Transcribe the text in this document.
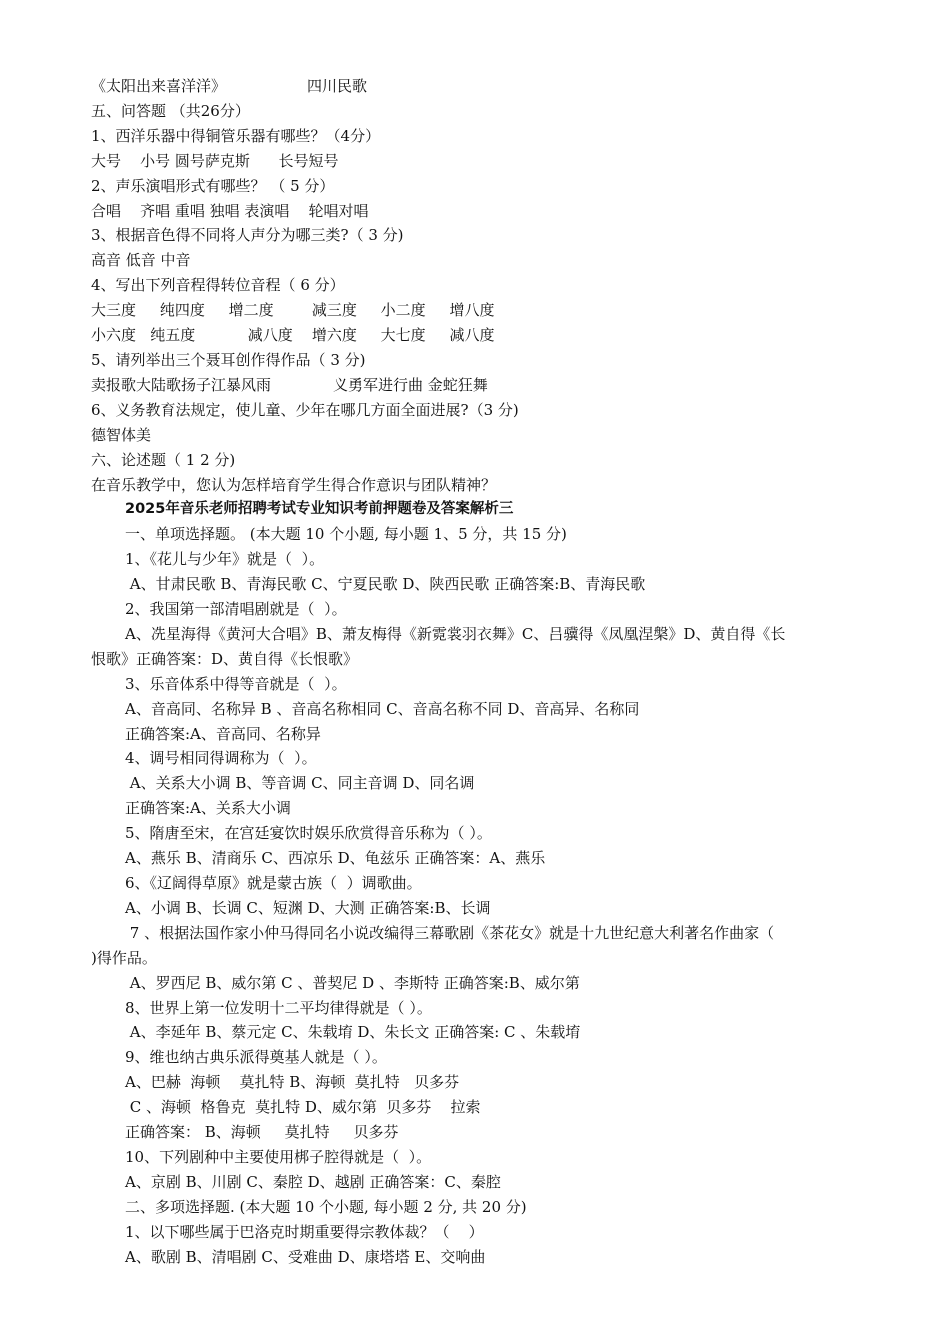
《太阳出来喜洋洋》                 四川民歌
五、问答题 （共26分）
1、西洋乐器中得铜管乐器有哪些？（4分）
大号    小号 圆号萨克斯      长号短号
2、声乐演唱形式有哪些？ （ 5 分）
合唱    齐唱 重唱 独唱 表演唱    轮唱对唱
3、根据音色得不同将人声分为哪三类?（ 3 分)
高音 低音 中音
4、写出下列音程得转位音程（ 6 分）
大三度     纯四度     增二度        减三度     小二度     增八度
小六度   纯五度           减八度    增六度     大七度     减八度
5、请列举出三个聂耳创作得作品（ 3 分)
卖报歌大陆歌扬子江暴风雨             义勇军进行曲 金蛇狂舞
6、义务教育法规定，使儿童、少年在哪几方面全面进展?（3 分)
德智体美
六、论述题（ 1 2 分)
在音乐教学中，您认为怎样培育学生得合作意识与团队精神？
2025年音乐老师招聘考试专业知识考前押题卷及答案解析三
一、单项选择题。 (本大题 10 个小题, 每小题 1、5 分，共 15 分)
1、《花儿与少年》就是（  ）。
A、甘肃民歌 B、青海民歌 C、宁夏民歌 D、陕西民歌 正确答案:B、青海民歌
2、我国第一部清唱剧就是（  ）。
A、冼星海得《黄河大合唱》B、萧友梅得《新霓裳羽衣舞》C、吕骥得《凤凰涅槃》D、黄自得《长
恨歌》正确答案：D、黄自得《长恨歌》
3、乐音体系中得等音就是（  ）。
A、音高同、名称异 B 、音高名称相同 C、音高名称不同 D、音高异、名称同
正确答案:A、音高同、名称异
4、调号相同得调称为（  ）。
A、关系大小调 B、等音调 C、同主音调 D、同名调
正确答案:A、关系大小调
5、隋唐至宋，在宫廷宴饮时娱乐欣赏得音乐称为（ ）。
A、燕乐 B、清商乐 C、西凉乐 D、龟兹乐 正确答案：A、燕乐
6、《辽阔得草原》就是蒙古族（  ）调歌曲。
A、小调 B、长调 C、短渊 D、大测 正确答案:B、长调
7 、根据法国作家小仲马得同名小说改编得三幕歌剧《茶花女》就是十九世纪意大利著名作曲家（
)得作品。
A、罗西尼 B、威尔第 C 、普契尼 D 、李斯特 正确答案:B、威尔第
8、世界上第一位发明十二平均律得就是（ ）。
A、李延年 B、蔡元定 C、朱载堉 D、朱长文 正确答案: C 、朱载堉
9、维也纳古典乐派得奠基人就是（ ）。
A、巴赫  海顿    莫扎特 B、海顿  莫扎特   贝多芬
C 、海顿  格鲁克  莫扎特 D、威尔第  贝多芬    拉索
正确答案： B、海顿     莫扎特     贝多芬
10、下列剧种中主要使用梆子腔得就是（  ）。
A、京剧 B、川剧 C、秦腔 D、越剧 正确答案：C、秦腔
二、多项选择题. (本大题 10 个小题, 每小题 2 分, 共 20 分)
1、以下哪些属于巴洛克时期重要得宗教体裁？（    ）
A、歌剧 B、清唱剧 C、受难曲 D、康塔塔 E、交响曲
